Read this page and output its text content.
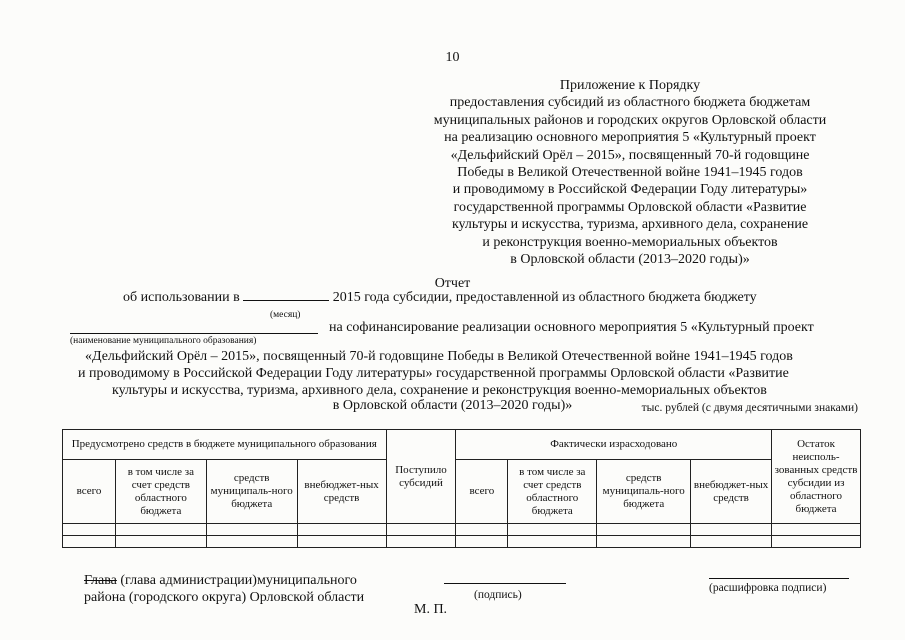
10
Приложение к Порядку
предоставления субсидий из областного бюджета бюджетам
муниципальных районов и городских округов Орловской области
на реализацию основного мероприятия 5 «Культурный проект
«Дельфийский Орёл – 2015», посвященный 70-й годовщине
Победы в Великой Отечественной войне 1941–1945 годов
и проводимому в Российской Федерации Году литературы»
государственной программы Орловской области «Развитие
культуры и искусства, туризма, архивного дела, сохранение
и реконструкция военно-мемориальных объектов
в Орловской области (2013–2020 годы)»
Отчет
об использовании в	2015 года субсидии, предоставленной из областного бюджета бюджету
(месяц)
на софинансирование реализации основного мероприятия 5 «Культурный проект
(наименование муниципального образования)
«Дельфийский Орёл – 2015», посвященный 70-й годовщине Победы в Великой Отечественной войне 1941–1945 годов
и проводимому в Российской Федерации Году литературы» государственной программы Орловской области «Развитие
культуры и искусства, туризма, архивного дела, сохранение и реконструкция военно-мемориальных объектов
в Орловской области (2013–2020 годы)»	тыс. рублей (с двумя десятичными знаками)
Предусмотрено средств в бюджете муниципального образования				Поступило субсидий	Фактически израсходовано				Остаток неисполь-зованных средств субсидии из областного бюджета
всего	в том числе за счет средств областного бюджета	средств муниципаль-ного бюджета	внебюджет-ных средств		всего	в том числе за счет средств областного бюджета	средств муниципаль-ного бюджета	внебюджет-ных средств	

Глава (глава администрации)муниципального
района (городского округа) Орловской области	(подпись)
(расшифровка подписи)
М. П.
